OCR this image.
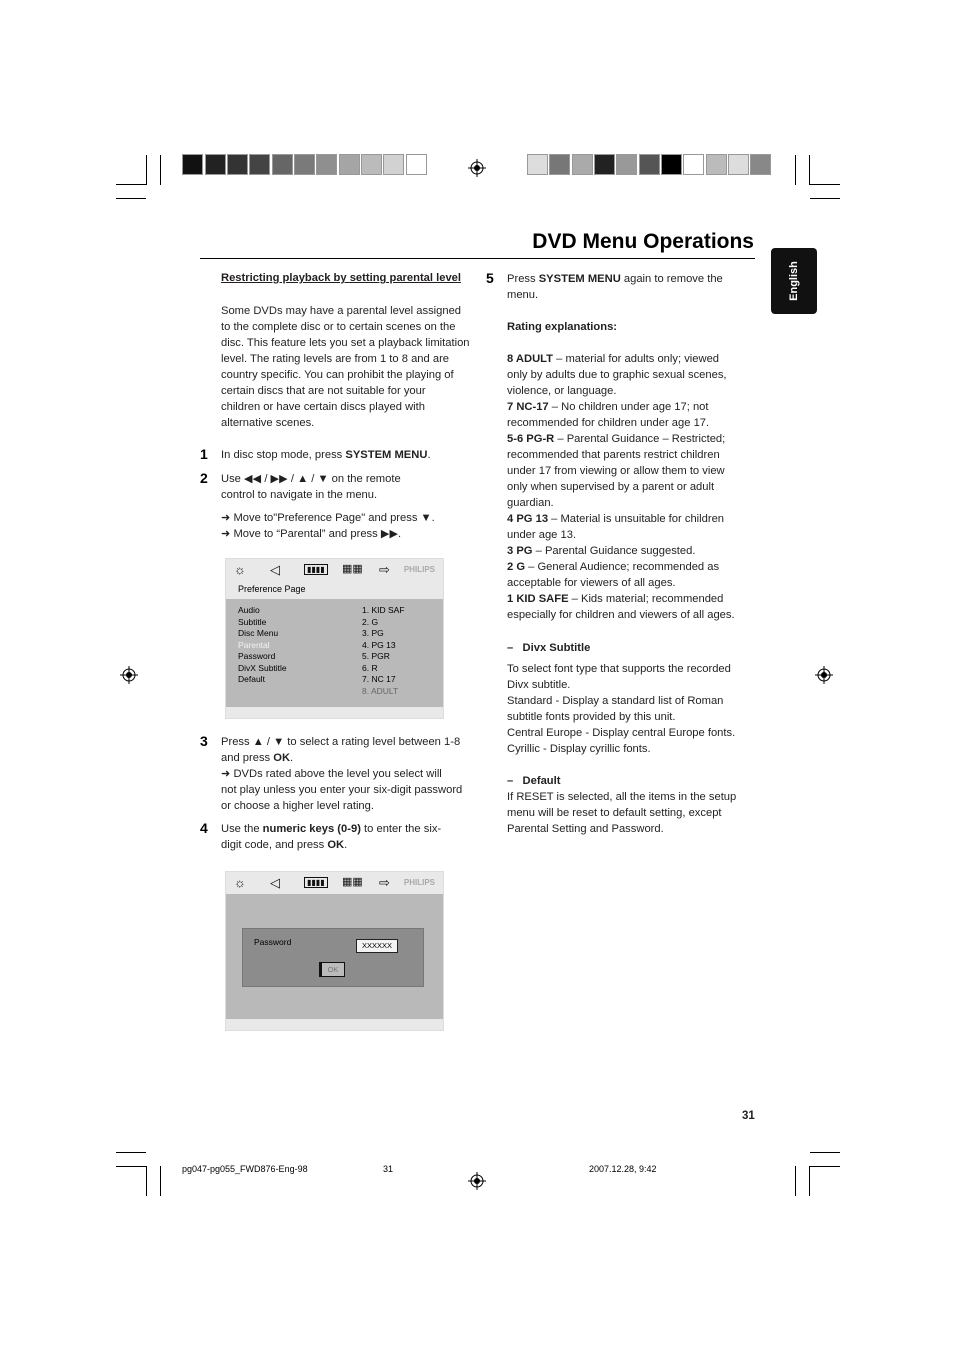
DVD Menu Operations
English
Restricting playback by setting parental level
Some DVDs may have a parental level assigned
to the complete disc or to certain scenes on the
disc. This feature lets you set a playback limitation
level. The rating levels are from 1 to 8 and are
country specific. You can prohibit the playing of
certain discs that are not suitable for your
children or have certain discs played with
alternative scenes.
1 In disc stop mode, press SYSTEM MENU.
2 Use ◀◀ / ▶▶ / ▲ / ▼ on the remote
control to navigate in the menu.
➜ Move to"Preference Page" and press ▼.
➜ Move to “Parental” and press ▶▶.
☼ ◁	▮▮▮▮ ▦▦ ⇨ PHILIPS
Preference Page
Audio
Subtitle
Disc Menu
Parental
Password
DivX Subtitle
Default
1. KID SAF
2. G
3. PG
4. PG 13
5. PGR
6. R
7. NC 17
8. ADULT
3 Press ▲ / ▼ to select a rating level between 1-8
and press OK.
➜ DVDs rated above the level you select will
not play unless you enter your six-digit password
or choose a higher level rating.
4 Use the numeric keys (0-9) to enter the six-
digit code, and press OK.
☼ ◁	▮▮▮▮ ▦▦ ⇨ PHILIPS
Password	XXXXXX
OK
5 Press SYSTEM MENU again to remove the
menu.
Rating explanations:
8 ADULT – material for adults only; viewed
only by adults due to graphic sexual scenes,
violence, or language.
7 NC-17 – No children under age 17; not
recommended for children under age 17.
5-6 PG-R – Parental Guidance – Restricted;
recommended that parents restrict children
under 17 from viewing or allow them to view
only when supervised by a parent or adult
guardian.
4 PG 13 – Material is unsuitable for children
under age 13.
3 PG – Parental Guidance suggested.
2 G – General Audience; recommended as
acceptable for viewers of all ages.
1 KID SAFE – Kids material; recommended
especially for children and viewers of all ages.
–   Divx Subtitle
To select font type that supports the recorded
Divx subtitle.
Standard - Display a standard list of Roman
subtitle fonts provided by this unit.
Central Europe - Display central Europe fonts.
Cyrillic - Display cyrillic fonts.
–   Default
If RESET is selected, all the items in the setup
menu will be reset to default setting, except
Parental Setting and Password.
31
pg047-pg055_FWD876-Eng-98	31	2007.12.28, 9:42
